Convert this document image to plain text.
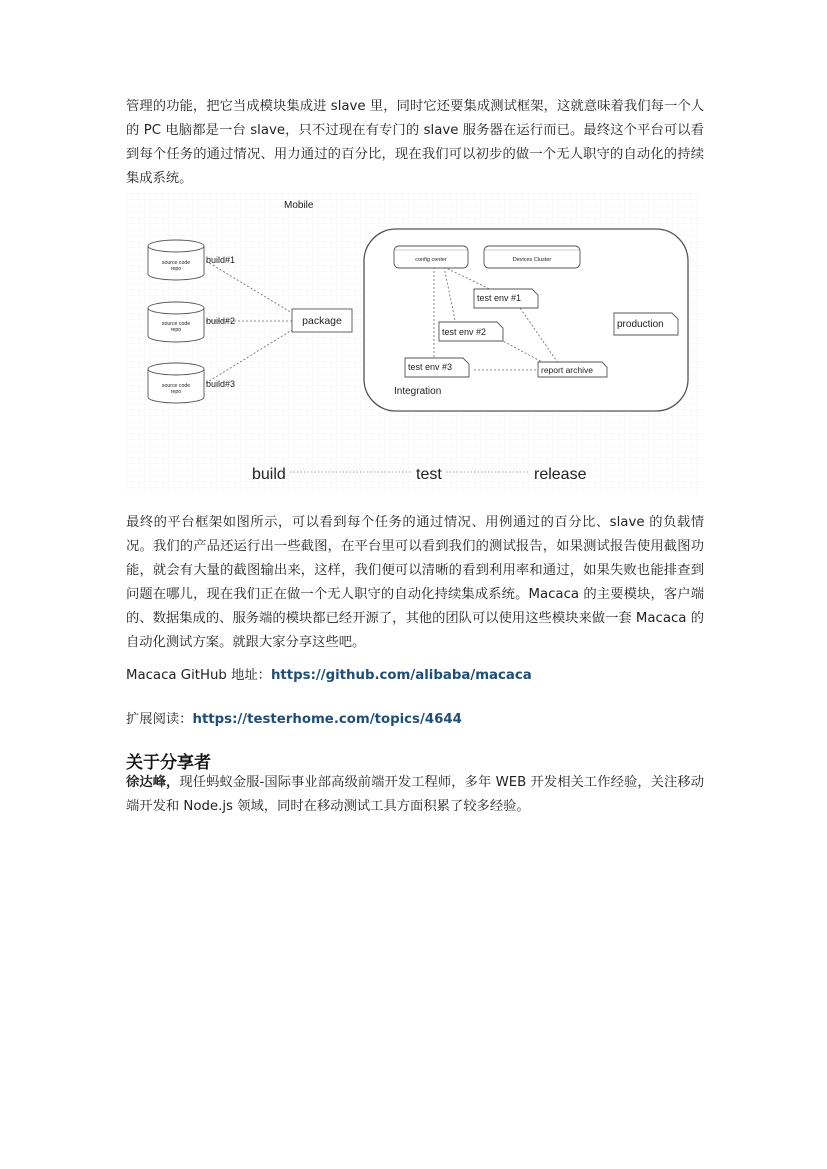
管理的功能，把它当成模块集成进 slave 里，同时它还要集成测试框架，这就意味着我们每一个人的 PC 电脑都是一台 slave，只不过现在有专门的 slave 服务器在运行而已。最终这个平台可以看到每个任务的通过情况、用力通过的百分比，现在我们可以初步的做一个无人职守的自动化的持续集成系统。

Mobile
Integration
source code
repo
source code
repo
source code
repo
build#1
build#2
build#3
package
config center	Devices Cluster
test env #1
test env #2
test env #3	report archive
production
build	test	release

最终的平台框架如图所示，可以看到每个任务的通过情况、用例通过的百分比、slave 的负载情况。我们的产品还运行出一些截图，在平台里可以看到我们的测试报告，如果测试报告使用截图功能，就会有大量的截图输出来，这样，我们便可以清晰的看到利用率和通过，如果失败也能排查到问题在哪儿，现在我们正在做一个无人职守的自动化持续集成系统。Macaca 的主要模块，客户端的、数据集成的、服务端的模块都已经开源了，其他的团队可以使用这些模块来做一套 Macaca 的自动化测试方案。就跟大家分享这些吧。

Macaca GitHub 地址：https://github.com/alibaba/macaca

扩展阅读：https://testerhome.com/topics/4644

关于分享者

徐达峰，现任蚂蚁金服-国际事业部高级前端开发工程师，多年 WEB 开发相关工作经验，关注移动端开发和 Node.js 领域，同时在移动测试工具方面积累了较多经验。
